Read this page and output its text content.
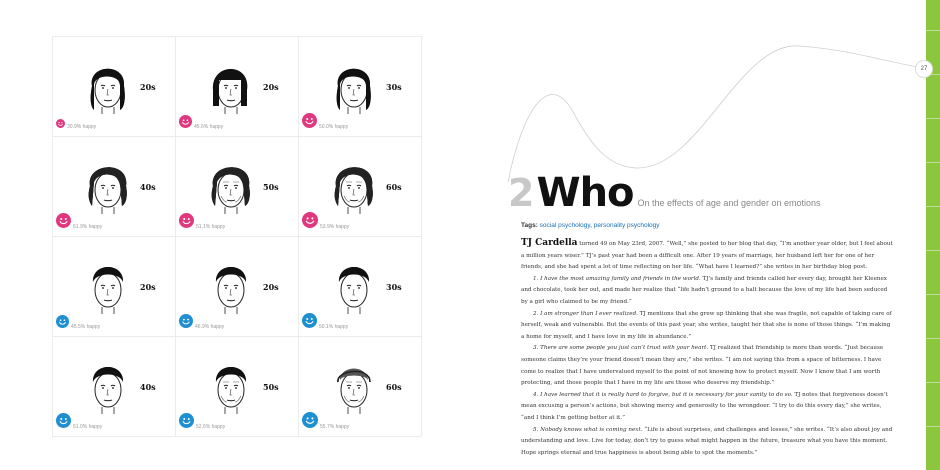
20s
30.9% happy
20s
45.6% happy
30s
50.0% happy
40s
51.9% happy
50s
51.1% happy
60s
53.9% happy
20s
45.5% happy
20s
46.9% happy
30s
50.1% happy
40s
51.0% happy
50s
52.6% happy
60s
55.7% happy
27
2Who On the effects of age and gender on emotions
Tags: social psychology, personality psychology

TJ Cardella turned 49 on May 23rd, 2007. “Well,” she posted to her blog that day, “I’m another year older, but I feel about a million years wiser.” TJ’s past year had been a difficult one. After 19 years of marriage, her husband left her for one of her friends, and she had spent a lot of time reflecting on her life. “What have I learned?” she writes in her birthday blog post.

1. I have the most amazing family and friends in the world. TJ’s family and friends called her every day, brought her Kleenex and chocolate, took her out, and made her realize that “life hadn’t ground to a halt because the love of my life had been seduced by a girl who claimed to be my friend.”

2. I am stronger than I ever realized. TJ mentions that she grew up thinking that she was fragile, not capable of taking care of herself, weak and vulnerable. But the events of this past year, she writes, taught her that she is none of those things. “I’m making a home for myself, and I have love in my life in abundance.”

3. There are some people you just can’t trust with your heart. TJ realized that friendship is more than words. “Just because someone claims they’re your friend doesn’t mean they are,” she writes. “I am not saying this from a space of bitterness. I have come to realize that I have undervalued myself to the point of not knowing how to protect myself. Now I know that I am worth protecting, and those people that I have in my life are those who deserve my friendship.”

4. I have learned that it is really hard to forgive, but it is necessary for your sanity to do so. TJ notes that forgiveness doesn’t mean excusing a person’s actions, but showing mercy and generosity to the wrongdoer. “I try to do this every day,” she writes, “and I think I’m getting better at it.”

5. Nobody knows what is coming next. “Life is about surprises, and challenges and losses,” she writes. “It’s also about joy and understanding and love. Live for today, don’t try to guess what might happen in the future, treasure what you have this moment. Hope springs eternal and true happiness is about being able to spot the moments.”
